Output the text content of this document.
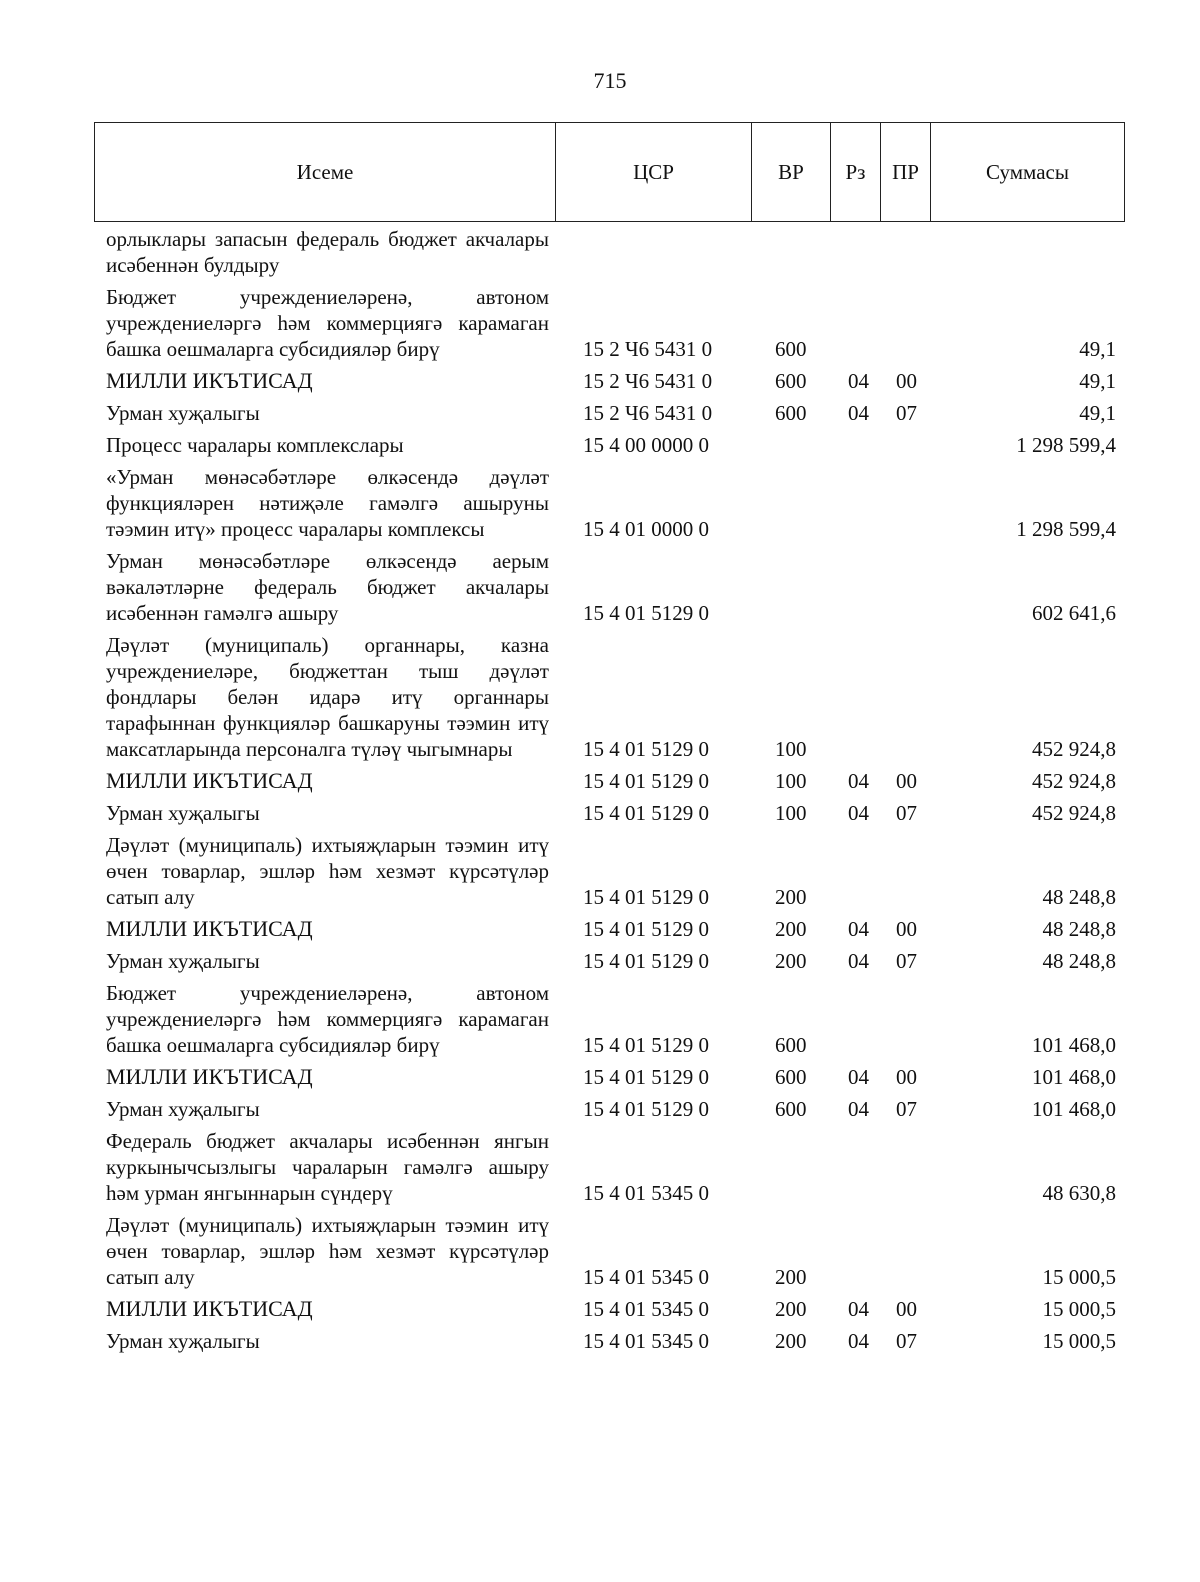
715
Исеме	ЦСР	ВР	Рз	ПР	Суммасы
орлыклары запасын федераль бюджет акчалары исәбеннән булдыру					

Бюджет учреждениеләренә, автоном учреждениеләргә һәм коммерциягә карамаган башка оешмаларга субсидияләр бирү	15 2 Ч6 5431 0	600			49,1

МИЛЛИ ИКЪТИСАД	15 2 Ч6 5431 0	600	04	00	49,1

Урман хуҗалыгы	15 2 Ч6 5431 0	600	04	07	49,1

Процесс чаралары комплекслары	15 4 00 0000 0				1 298 599,4

«Урман мөнәсәбәтләре өлкәсендә дәүләт функцияләрен нәтиҗәле гамәлгә ашыруны тәэмин итү» процесс чаралары комплексы	15 4 01 0000 0				1 298 599,4

Урман мөнәсәбәтләре өлкәсендә аерым вәкаләтләрне федераль бюджет акчалары исәбеннән гамәлгә ашыру	15 4 01 5129 0				602 641,6

Дәүләт (муниципаль) органнары, казна учреждениеләре, бюджеттан тыш дәүләт фондлары белән идарә итү органнары тарафыннан функцияләр башкаруны тәэмин итү максатларында персоналга түләү чыгымнары	15 4 01 5129 0	100			452 924,8

МИЛЛИ ИКЪТИСАД	15 4 01 5129 0	100	04	00	452 924,8

Урман хуҗалыгы	15 4 01 5129 0	100	04	07	452 924,8

Дәүләт (муниципаль) ихтыяҗларын тәэмин итү өчен товарлар, эшләр һәм хезмәт күрсәтүләр сатып алу	15 4 01 5129 0	200			48 248,8

МИЛЛИ ИКЪТИСАД	15 4 01 5129 0	200	04	00	48 248,8

Урман хуҗалыгы	15 4 01 5129 0	200	04	07	48 248,8

Бюджет учреждениеләренә, автоном учреждениеләргә һәм коммерциягә карамаган башка оешмаларга субсидияләр бирү	15 4 01 5129 0	600			101 468,0

МИЛЛИ ИКЪТИСАД	15 4 01 5129 0	600	04	00	101 468,0

Урман хуҗалыгы	15 4 01 5129 0	600	04	07	101 468,0

Федераль бюджет акчалары исәбеннән янгын куркынычсызлыгы чараларын гамәлгә ашыру һәм урман янгыннарын сүндерү	15 4 01 5345 0				48 630,8

Дәүләт (муниципаль) ихтыяҗларын тәэмин итү өчен товарлар, эшләр һәм хезмәт күрсәтүләр сатып алу	15 4 01 5345 0	200			15 000,5

МИЛЛИ ИКЪТИСАД	15 4 01 5345 0	200	04	00	15 000,5

Урман хуҗалыгы	15 4 01 5345 0	200	04	07	15 000,5
